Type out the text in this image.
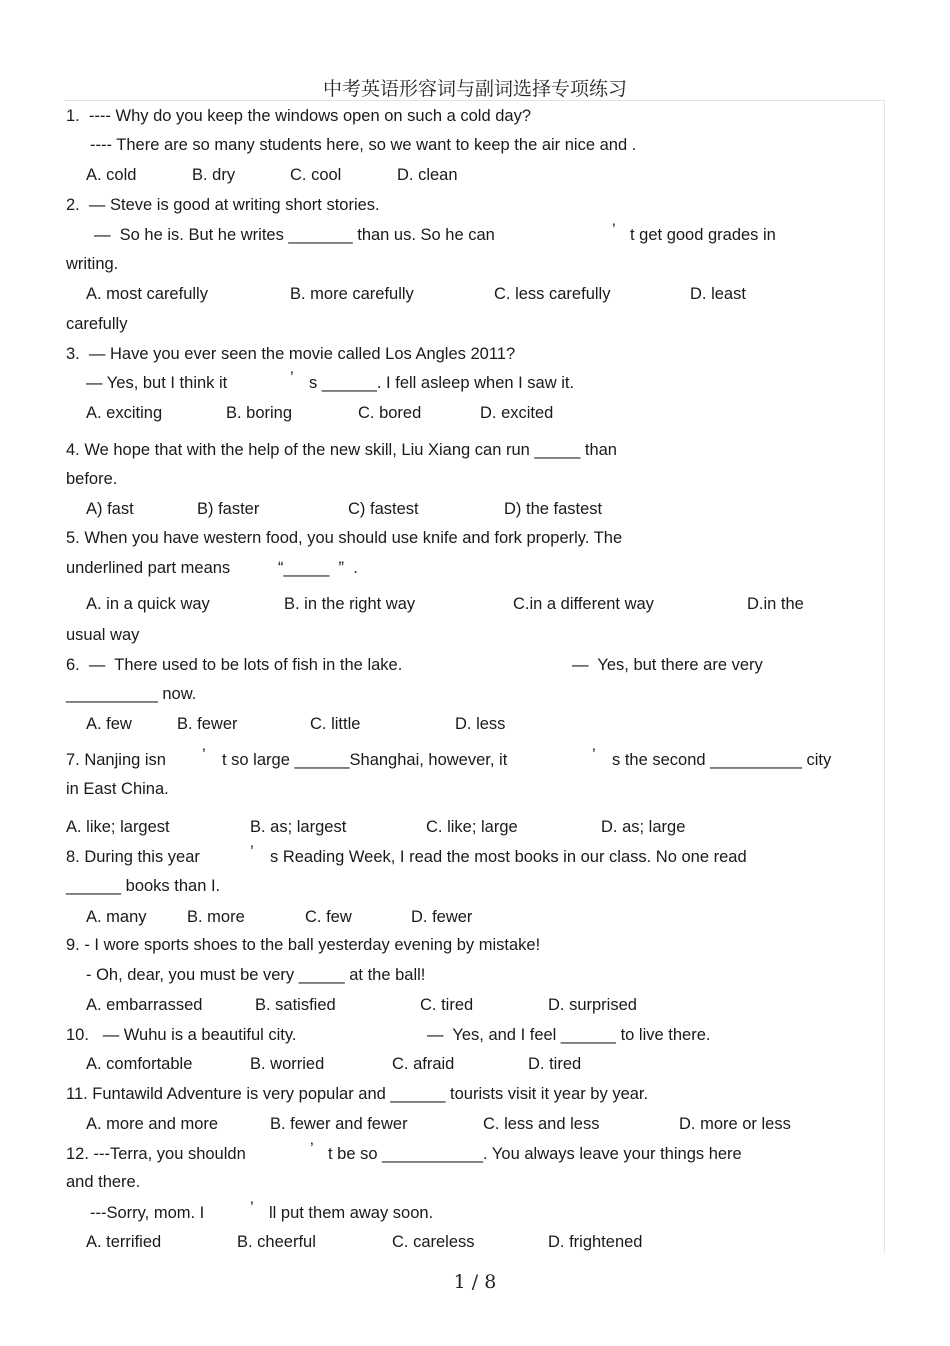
中考英语形容词与副词选择专项练习
1.  ---- Why do you keep the windows open on such a cold day?
---- There are so many students here, so we want to keep the air nice and .
A. cold	B. dry	C. cool	D. clean
2.  — Steve is good at writing short stories.
—  So he is. But he writes _______ than us. So he can	’ t get good grades in
writing.
A. most carefully	B. more carefully	C. less carefully	D. least
carefully
3.  — Have you ever seen the movie called Los Angles 2011?
— Yes, but I think it	’ s ______. I fell asleep when I saw it.
A. exciting	B. boring	C. bored	D. excited
4. We hope that with the help of the new skill, Liu Xiang can run _____ than
before.
A) fast	B) faster	C) fastest	D) the fastest
5. When you have western food, you should use knife and fork properly. The
underlined part means	“_____  ”  .
A. in a quick way	B. in the right way	C.in a different way	D.in the
usual way
6.  —  There used to be lots of fish in the lake.	—  Yes, but there are very
__________ now.
A. few	B. fewer	C. little	D. less
7. Nanjing isn ’ t so large ______Shanghai, however, it	’ s the second __________ city
in East China.
A. like; largest	B. as; largest	C. like; large	D. as; large
8. During this year	’ s Reading Week, I read the most books in our class. No one read
______ books than I.
A. many B. more	C. few	D. fewer
9. - I wore sports shoes to the ball yesterday evening by mistake!
- Oh, dear, you must be very _____ at the ball!
A. embarrassed	B. satisfied	C. tired	D. surprised
10.   — Wuhu is a beautiful city.	—  Yes, and I feel ______ to live there.
A. comfortable	B. worried	C. afraid	D. tired
11. Funtawild Adventure is very popular and ______ tourists visit it year by year.
A. more and more	B. fewer and fewer	C. less and less	D. more or less
12. ---Terra, you shouldn	’ t be so ___________. You always leave your things here
and there.
---Sorry, mom. I	’ ll put them away soon.
A. terrified	B. cheerful	C. careless	D. frightened
1 / 8
